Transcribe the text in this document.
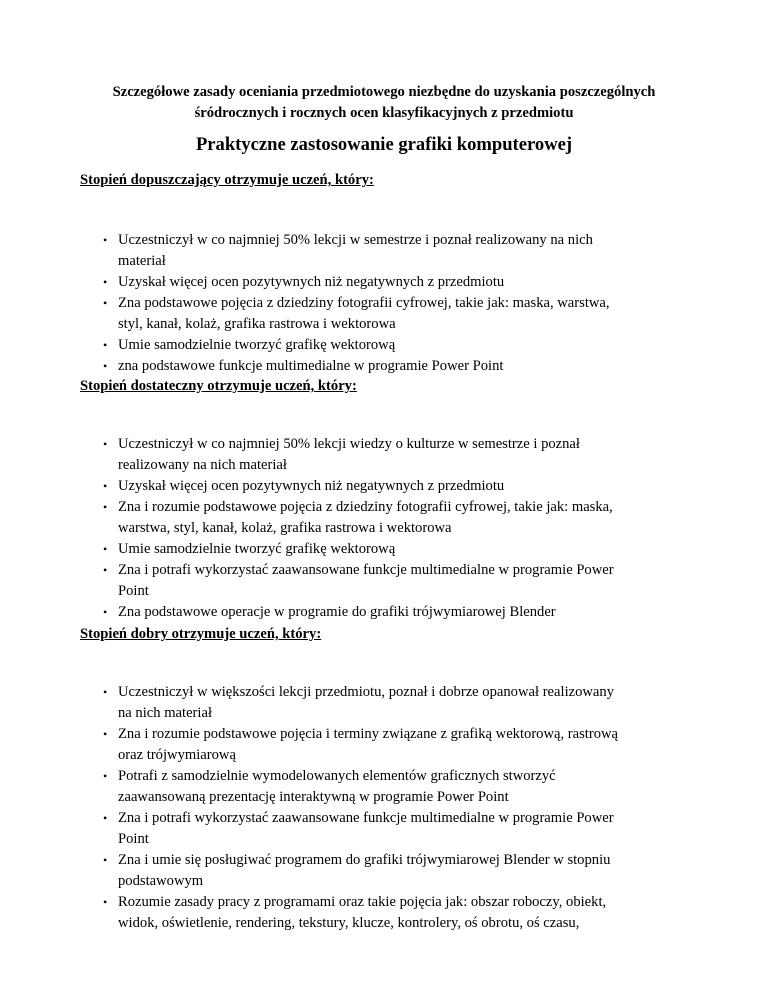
Szczegółowe zasady oceniania przedmiotowego niezbędne do uzyskania poszczególnych
śródrocznych i rocznych ocen klasyfikacyjnych z przedmiotu
Praktyczne zastosowanie grafiki komputerowej
Stopień dopuszczający otrzymuje uczeń, który:
• Uczestniczył w co najmniej 50% lekcji w semestrze i poznał realizowany na nich
materiał
• Uzyskał więcej ocen pozytywnych niż negatywnych z przedmiotu
• Zna podstawowe pojęcia z dziedziny fotografii cyfrowej, takie jak: maska, warstwa,
styl, kanał, kolaż, grafika rastrowa i wektorowa
• Umie samodzielnie tworzyć grafikę wektorową
• zna podstawowe funkcje multimedialne w programie Power Point
Stopień dostateczny otrzymuje uczeń, który:
• Uczestniczył w co najmniej 50% lekcji wiedzy o kulturze w semestrze i poznał
realizowany na nich materiał
• Uzyskał więcej ocen pozytywnych niż negatywnych z przedmiotu
• Zna i rozumie podstawowe pojęcia z dziedziny fotografii cyfrowej, takie jak: maska,
warstwa, styl, kanał, kolaż, grafika rastrowa i wektorowa
• Umie samodzielnie tworzyć grafikę wektorową
• Zna i potrafi wykorzystać zaawansowane funkcje multimedialne w programie Power
Point
• Zna podstawowe operacje w programie do grafiki trójwymiarowej Blender
Stopień dobry otrzymuje uczeń, który:
• Uczestniczył w większości lekcji przedmiotu, poznał i dobrze opanował realizowany
na nich materiał
• Zna i rozumie podstawowe pojęcia i terminy związane z grafiką wektorową, rastrową
oraz trójwymiarową
• Potrafi z samodzielnie wymodelowanych elementów graficznych stworzyć
zaawansowaną prezentację interaktywną w programie Power Point
• Zna i potrafi wykorzystać zaawansowane funkcje multimedialne w programie Power
Point
• Zna i umie się posługiwać programem do grafiki trójwymiarowej Blender w stopniu
podstawowym
• Rozumie zasady pracy z programami oraz takie pojęcia jak: obszar roboczy, obiekt,
widok, oświetlenie, rendering, tekstury, klucze, kontrolery, oś obrotu, oś czasu,
